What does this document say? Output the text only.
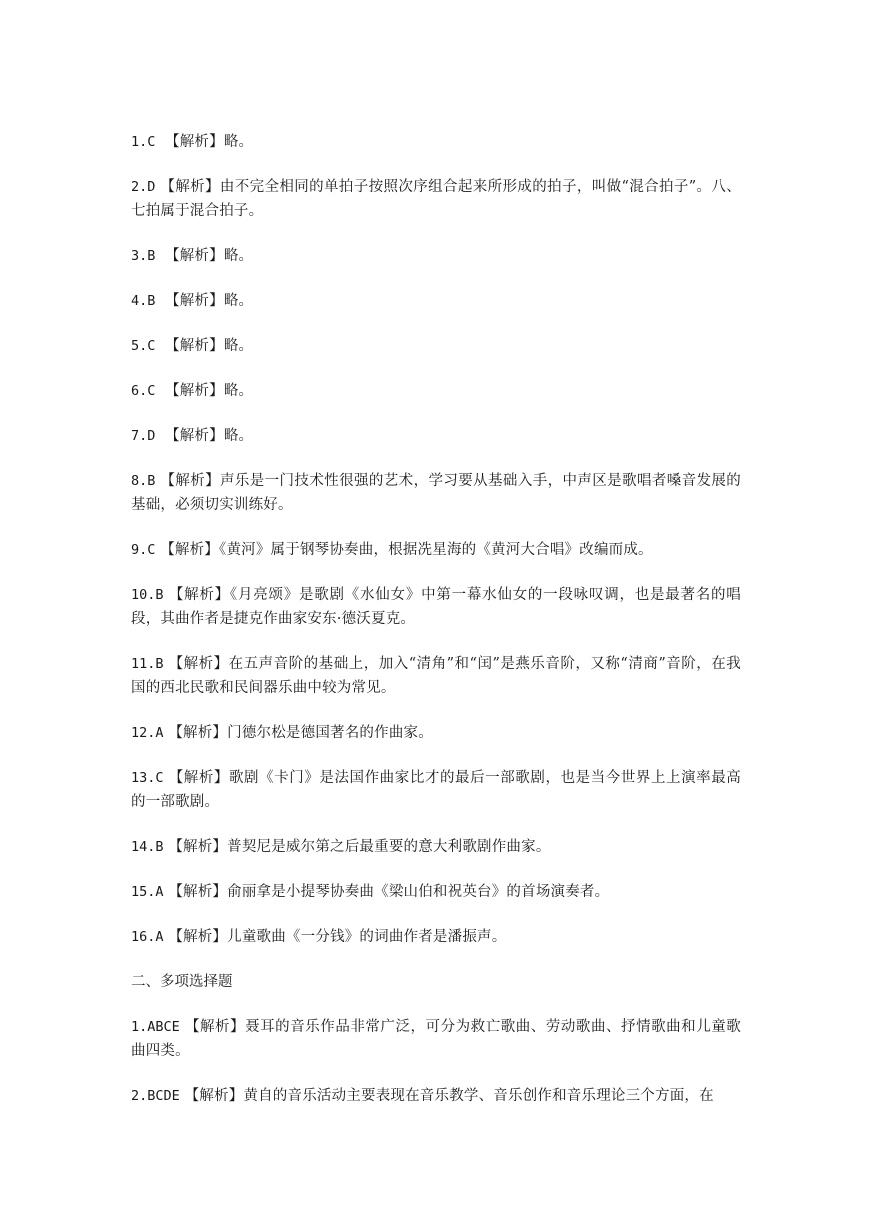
1.C 【解析】略。

2.D 【解析】由不完全相同的单拍子按照次序组合起来所形成的拍子，叫做“混合拍子”。八、七拍属于混合拍子。

3.B 【解析】略。

4.B 【解析】略。

5.C 【解析】略。

6.C 【解析】略。

7.D 【解析】略。

8.B 【解析】声乐是一门技术性很强的艺术，学习要从基础入手，中声区是歌唱者嗓音发展的基础，必须切实训练好。

9.C 【解析】《黄河》属于钢琴协奏曲，根据冼星海的《黄河大合唱》改编而成。

10.B 【解析】《月亮颂》是歌剧《水仙女》中第一幕水仙女的一段咏叹调，也是最著名的唱段，其曲作者是捷克作曲家安东·德沃夏克。

11.B 【解析】在五声音阶的基础上，加入“清角”和“闰”是燕乐音阶，又称“清商”音阶，在我国的西北民歌和民间器乐曲中较为常见。

12.A 【解析】门德尔松是德国著名的作曲家。

13.C 【解析】歌剧《卡门》是法国作曲家比才的最后一部歌剧，也是当今世界上上演率最高的一部歌剧。

14.B 【解析】普契尼是威尔第之后最重要的意大利歌剧作曲家。

15.A 【解析】俞丽拿是小提琴协奏曲《梁山伯和祝英台》的首场演奏者。

16.A 【解析】儿童歌曲《一分钱》的词曲作者是潘振声。

二、多项选择题

1.ABCE 【解析】聂耳的音乐作品非常广泛，可分为救亡歌曲、劳动歌曲、抒情歌曲和儿童歌曲四类。

2.BCDE 【解析】黄自的音乐活动主要表现在音乐教学、音乐创作和音乐理论三个方面，在
